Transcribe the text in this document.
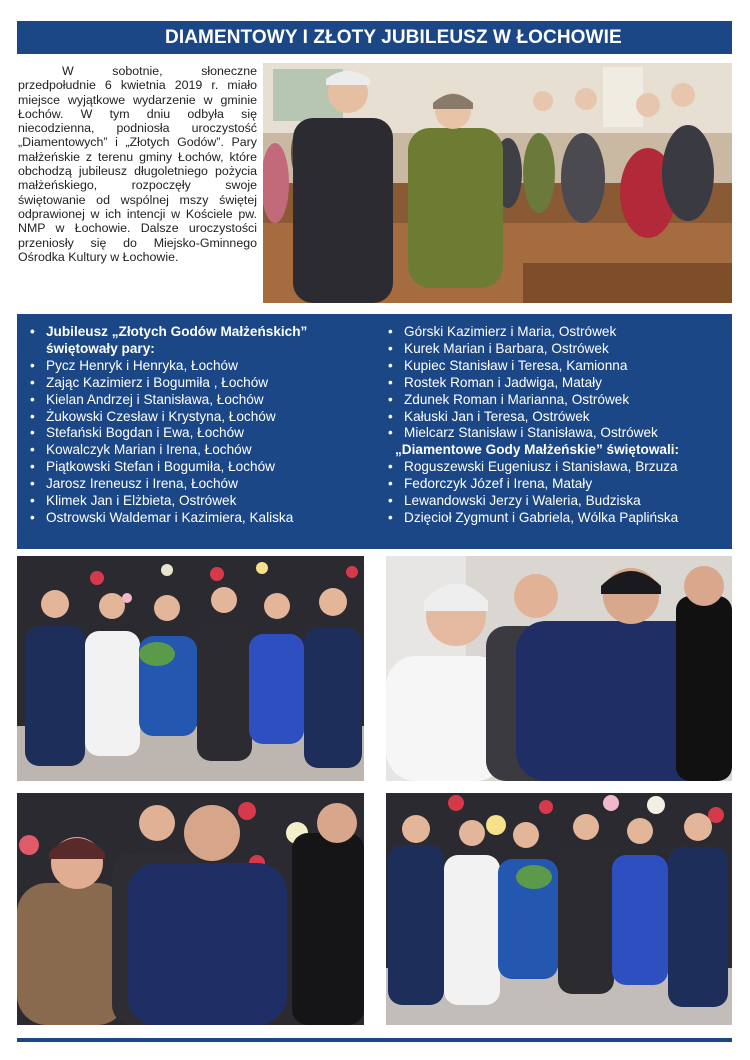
DIAMENTOWY I ZŁOTY JUBILEUSZ W ŁOCHOWIE

W sobotnie, słoneczne przedpołudnie 6 kwietnia 2019 r. miało miejsce wyjątkowe wydarzenie w gminie Łochów. W tym dniu odbyła się niecodzienna, podniosła uroczystość „Diamentowych” i „Złotych Godów”. Pary małżeńskie z terenu gminy Łochów, które obchodzą jubileusz długoletniego pożycia małżeńskiego, rozpoczęły swoje świętowanie od wspólnej mszy świętej odprawionej w ich intencji w Kościele pw. NMP w Łochowie. Dalsze uroczystości przeniosły się do Miejsko-Gminnego Ośrodka Kultury w Łochowie.

• Jubileusz „Złotych Godów Małżeńskich”
świętowały pary:
• Pycz Henryk i Henryka, Łochów
• Zając Kazimierz i Bogumiła , Łochów
• Kielan Andrzej i Stanisława, Łochów
• Żukowski Czesław i Krystyna, Łochów
• Stefański Bogdan i Ewa, Łochów
• Kowalczyk Marian i Irena, Łochów
• Piątkowski Stefan i Bogumiła, Łochów
• Jarosz Ireneusz i Irena, Łochów
• Klimek Jan i Elżbieta, Ostrówek
• Ostrowski Waldemar i Kazimiera, Kaliska
• Górski Kazimierz i Maria, Ostrówek
• Kurek Marian i Barbara, Ostrówek
• Kupiec Stanisław i Teresa, Kamionna
• Rostek Roman i Jadwiga, Matały
• Zdunek Roman i Marianna, Ostrówek
• Kałuski Jan i Teresa, Ostrówek
• Mielcarz Stanisław i Stanisława, Ostrówek
„Diamentowe Gody Małżeńskie” świętowali:
• Roguszewski Eugeniusz i Stanisława, Brzuza
• Fedorczyk Józef i Irena, Matały
• Lewandowski Jerzy i Waleria, Budziska
• Dzięcioł Zygmunt i Gabriela, Wólka Paplińska
